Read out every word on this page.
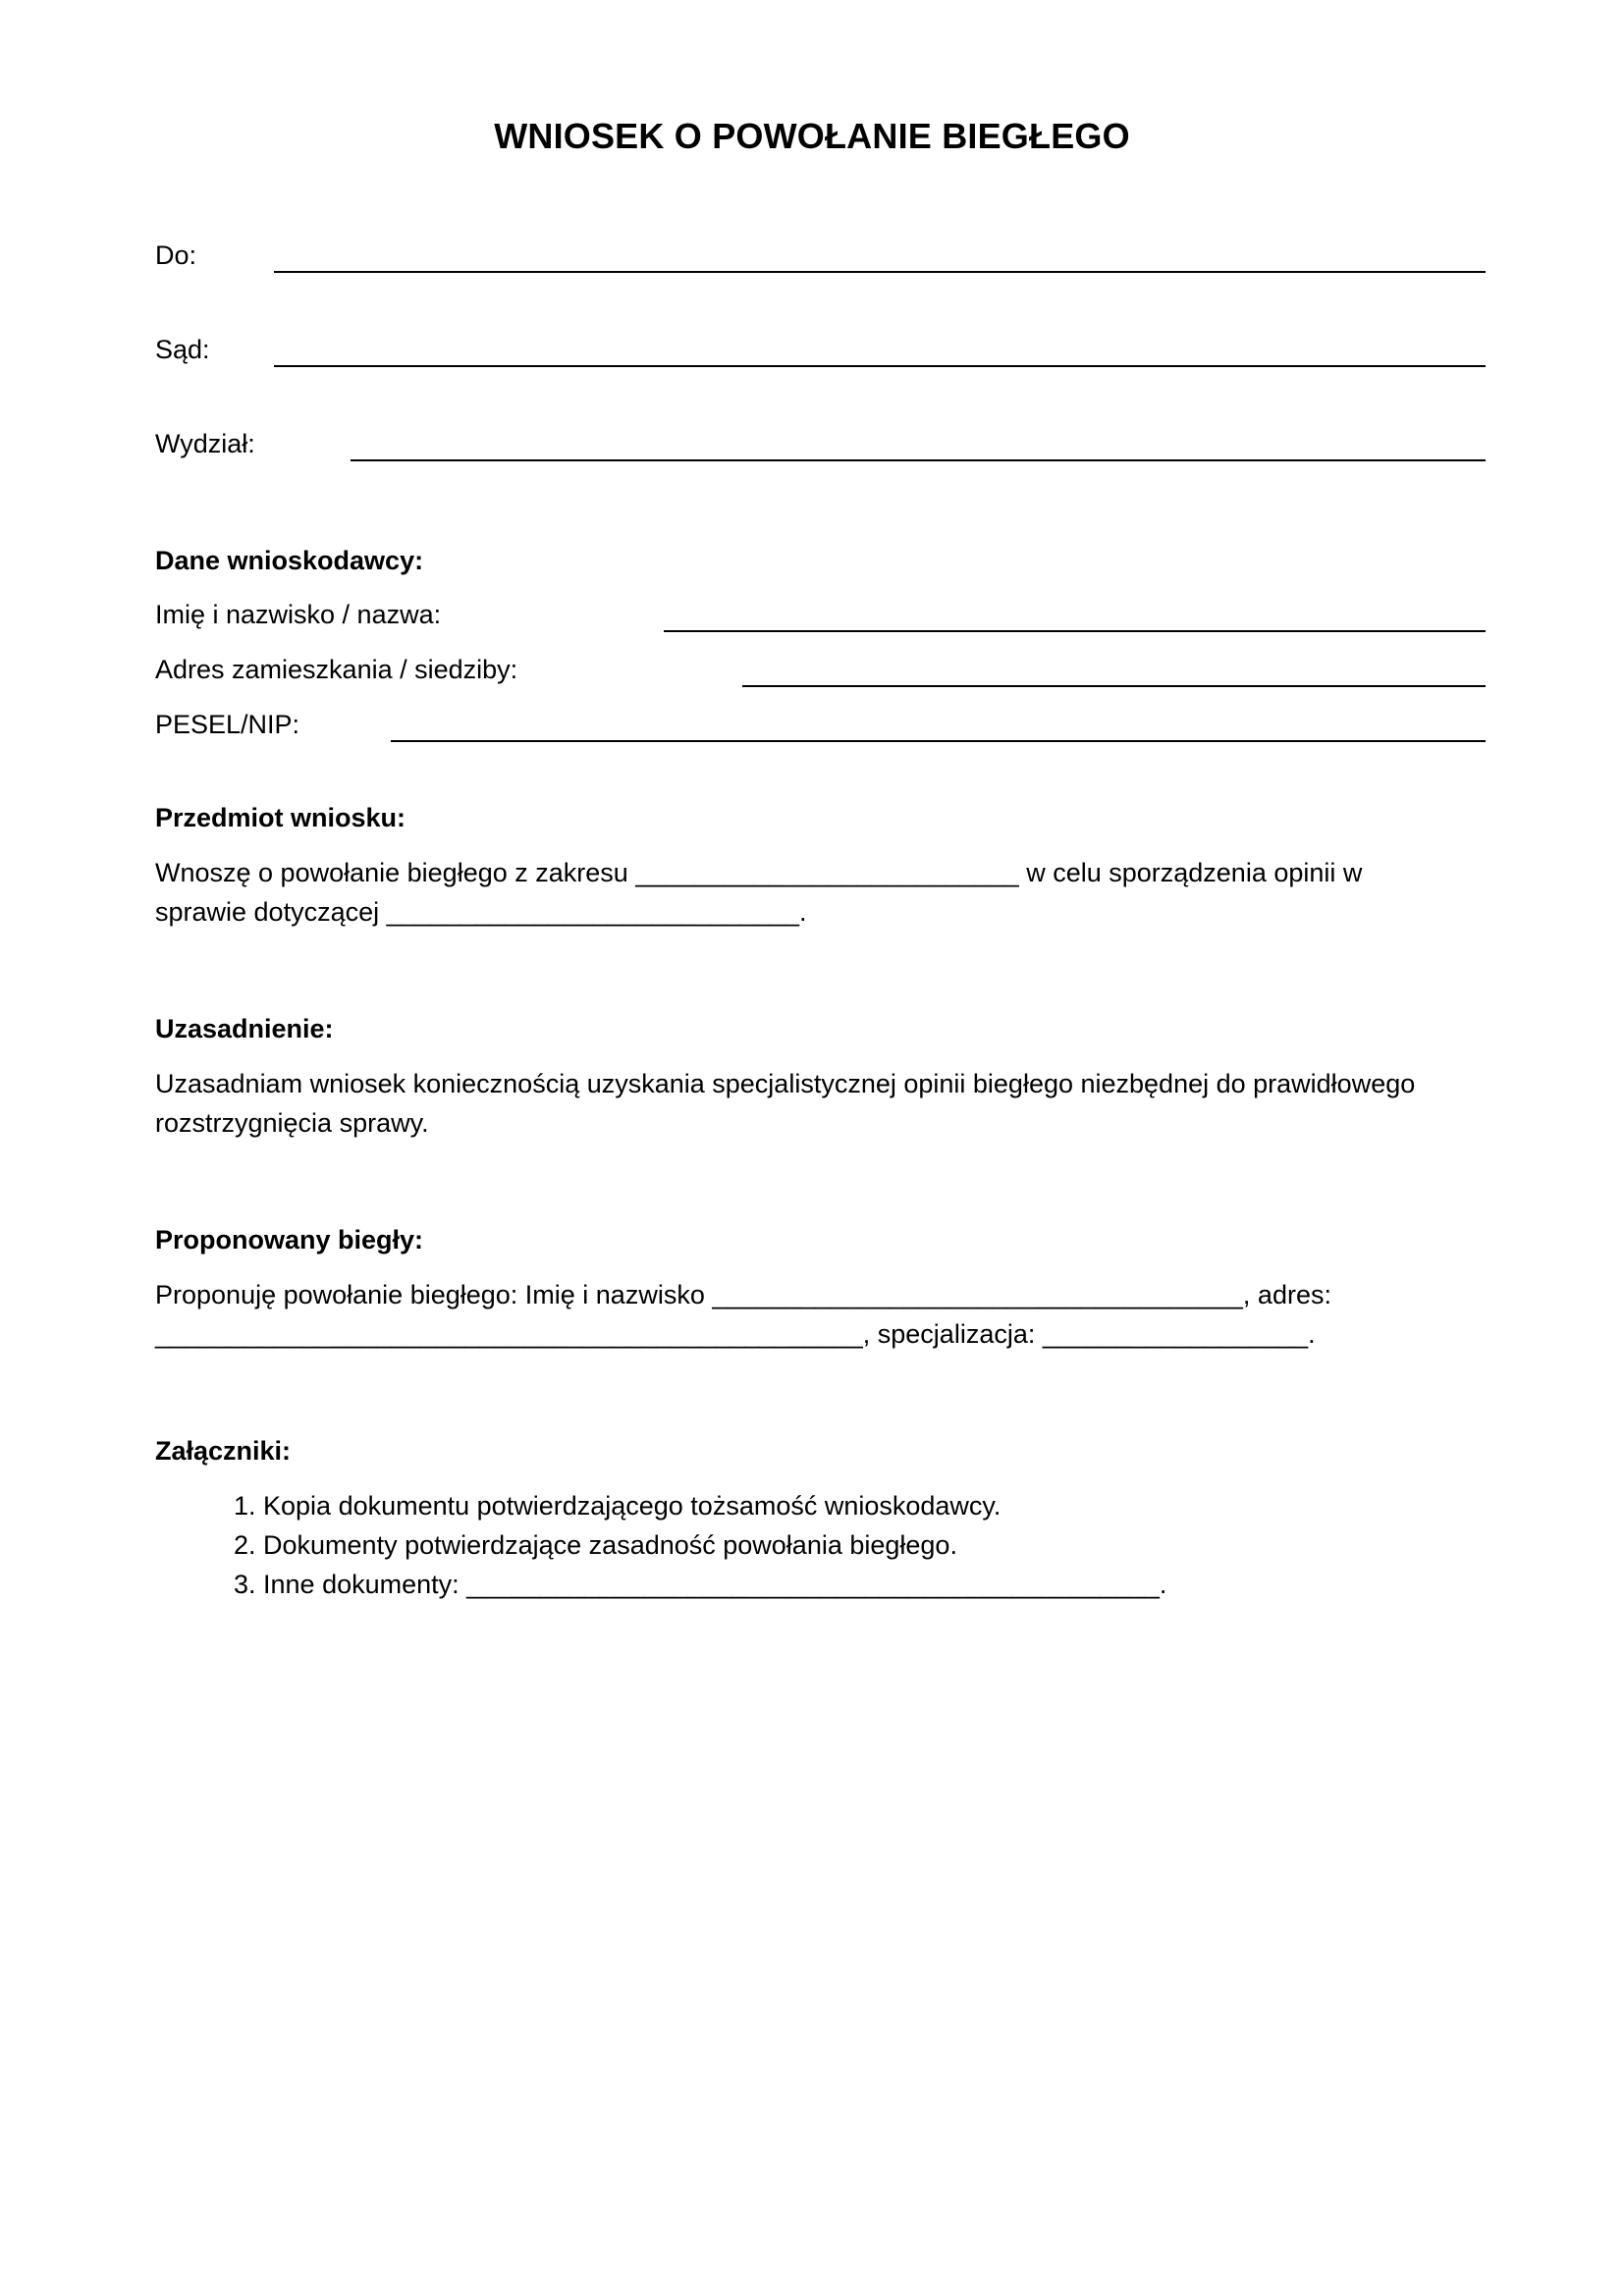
WNIOSEK O POWOŁANIE BIEGŁEGO
Do:
Sąd:
Wydział:
Dane wnioskodawcy:
Imię i nazwisko / nazwa:
Adres zamieszkania / siedziby:
PESEL/NIP:
Przedmiot wniosku:
Wnoszę o powołanie biegłego z zakresu __________________________ w celu sporządzenia opinii w
sprawie dotyczącej ____________________________.
Uzasadnienie:
Uzasadniam wniosek koniecznością uzyskania specjalistycznej opinii biegłego niezbędnej do prawidłowego
rozstrzygnięcia sprawy.
Proponowany biegły:
Proponuję powołanie biegłego: Imię i nazwisko ____________________________________, adres:
________________________________________________, specjalizacja: __________________.
Załączniki:
1. Kopia dokumentu potwierdzającego tożsamość wnioskodawcy.
2. Dokumenty potwierdzające zasadność powołania biegłego.
3. Inne dokumenty: _______________________________________________.
